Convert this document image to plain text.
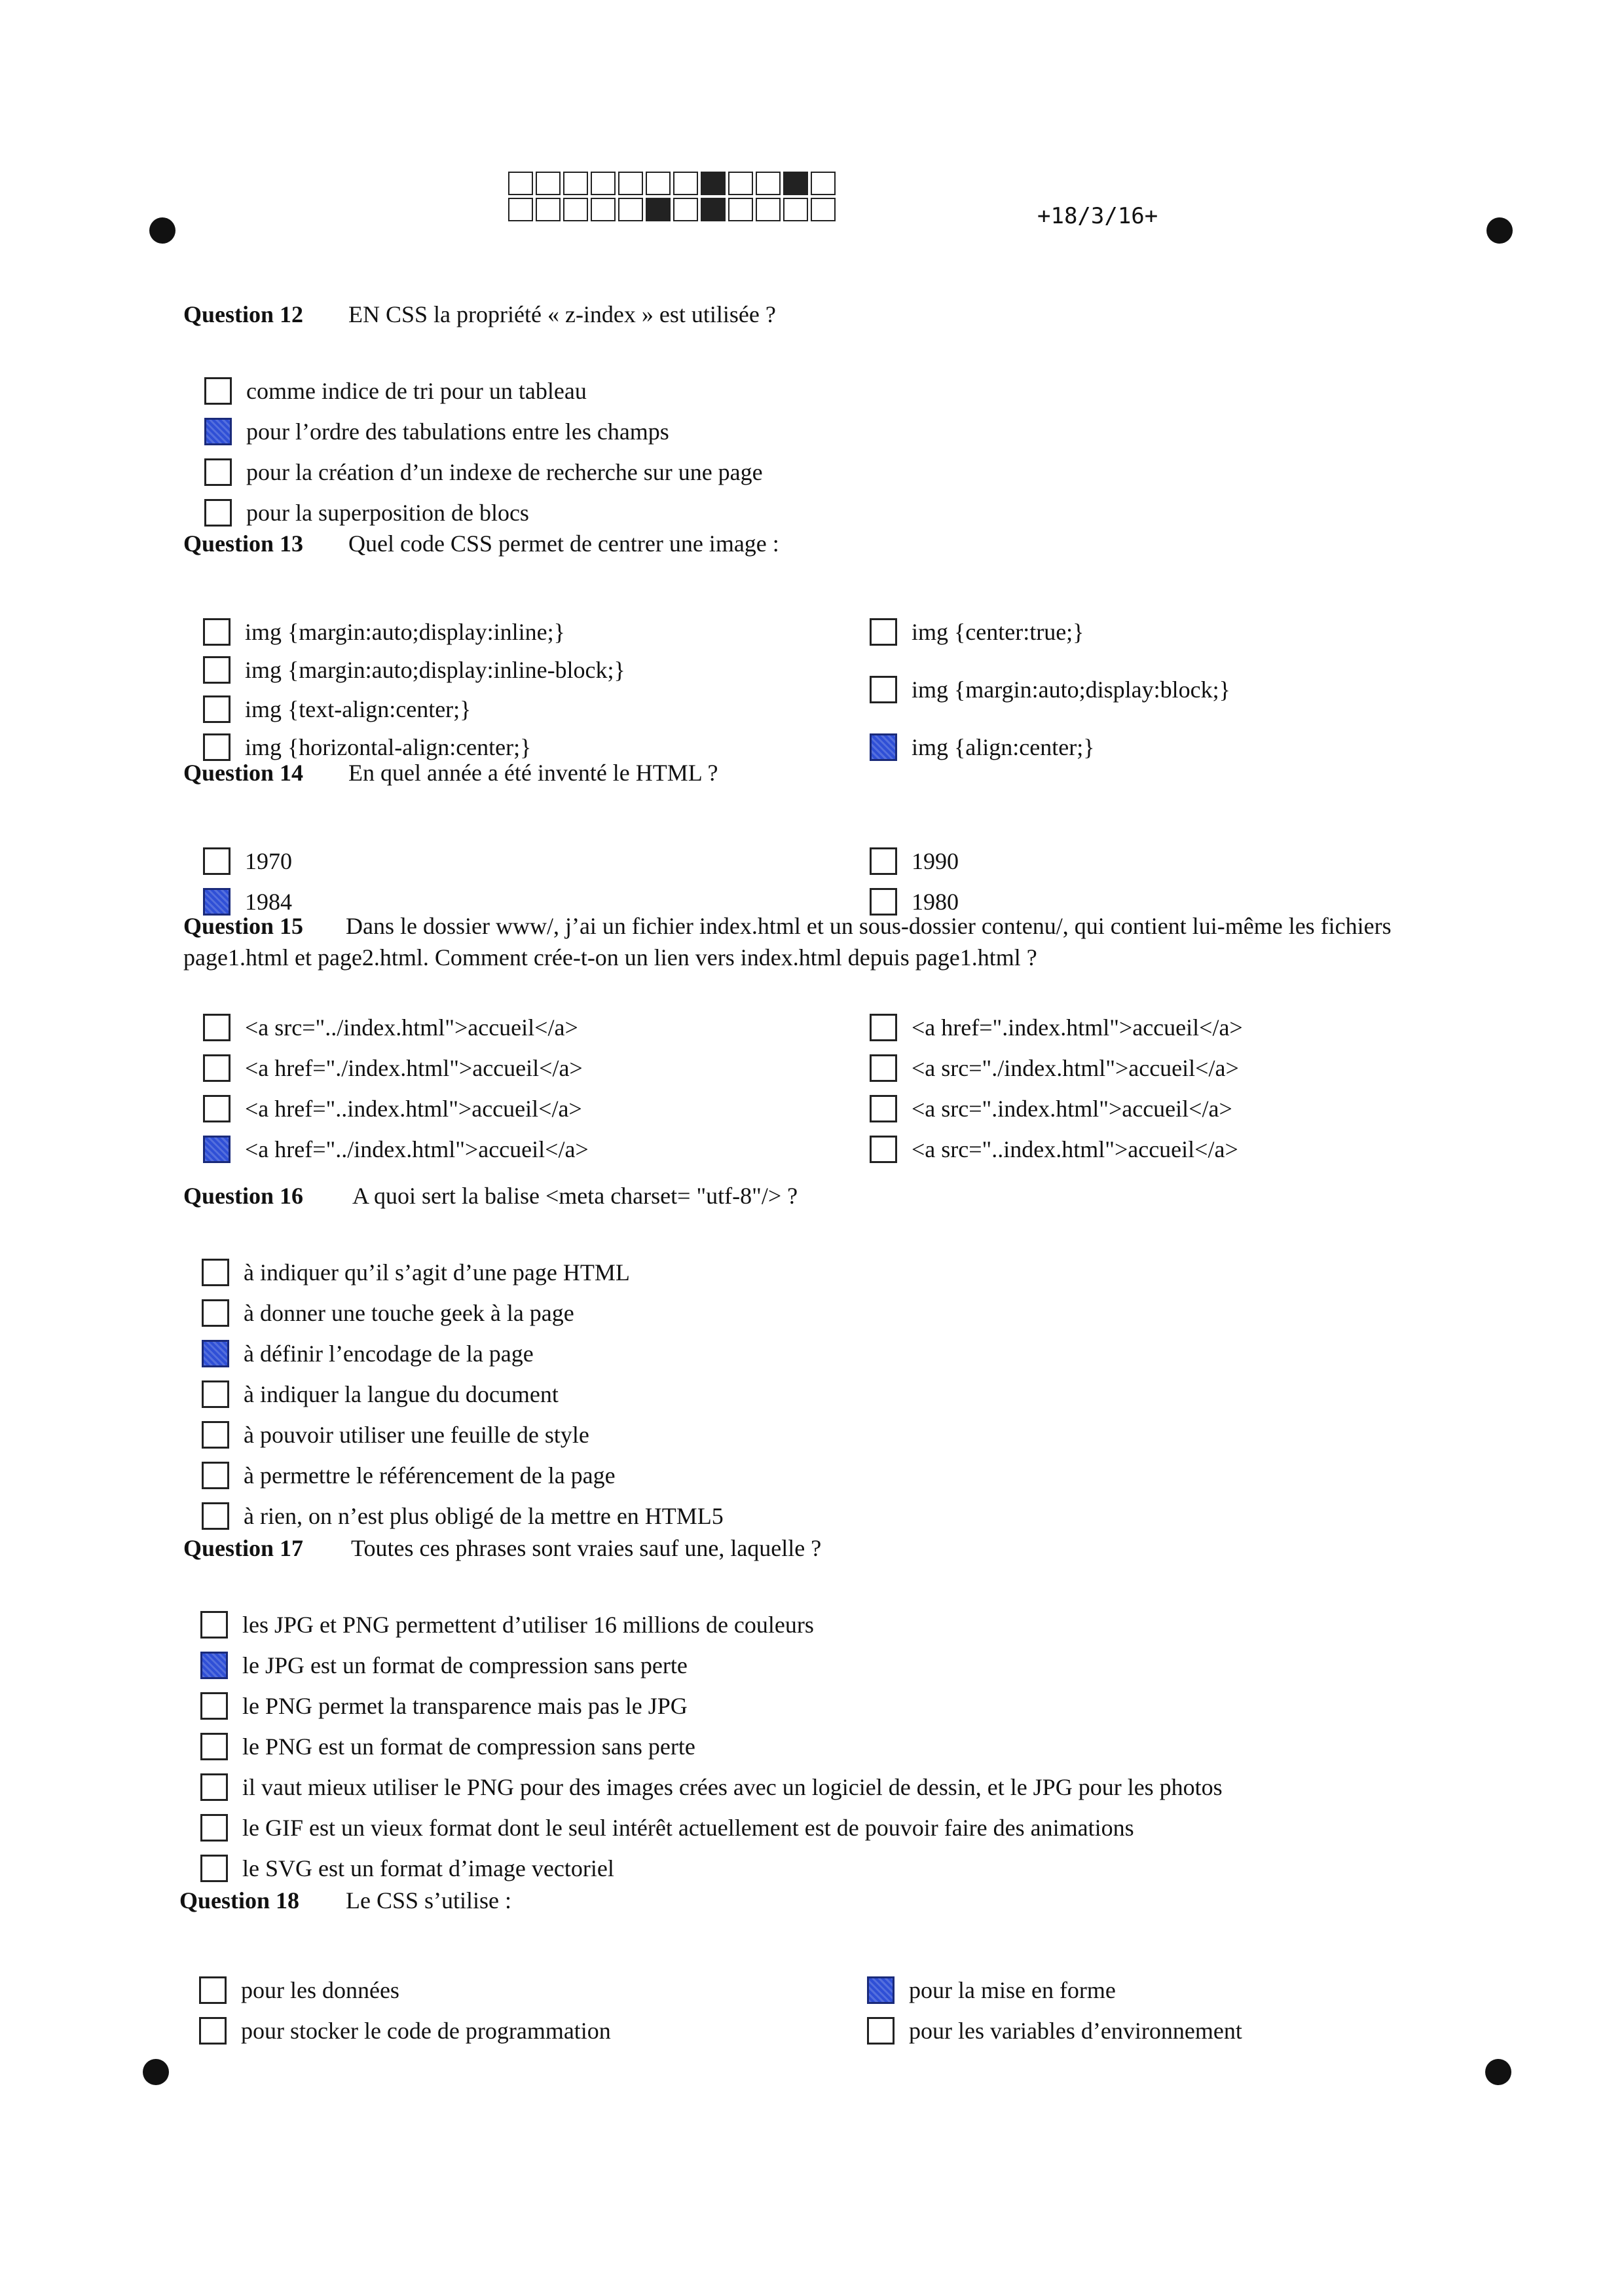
+18/3/16+
Question 12 EN CSS la propriété « z-index » est utilisée ?
comme indice de tri pour un tableau
pour l’ordre des tabulations entre les champs
pour la création d’un indexe de recherche sur une page
pour la superposition de blocs
Question 13 Quel code CSS permet de centrer une image :
img {margin:auto;display:inline;}
img {margin:auto;display:inline-block;}
img {text-align:center;}
img {horizontal-align:center;}
img {center:true;}
img {margin:auto;display:block;}
img {align:center;}
Question 14 En quel année a été inventé le HTML ?
1970
1984
1990
1980
Question 15 Dans le dossier www/, j’ai un fichier index.html et un sous-dossier contenu/, qui contient lui-même les fichiers
page1.html et page2.html. Comment crée-t-on un lien vers index.html depuis page1.html ?
<a src="../index.html">accueil</a>
<a href="./index.html">accueil</a>
<a href="..index.html">accueil</a>
<a href="../index.html">accueil</a>
<a href=".index.html">accueil</a>
<a src="./index.html">accueil</a>
<a src=".index.html">accueil</a>
<a src="..index.html">accueil</a>
Question 16 A quoi sert la balise <meta charset= "utf-8"/> ?
à indiquer qu’il s’agit d’une page HTML
à donner une touche geek à la page
à définir l’encodage de la page
à indiquer la langue du document
à pouvoir utiliser une feuille de style
à permettre le référencement de la page
à rien, on n’est plus obligé de la mettre en HTML5
Question 17 Toutes ces phrases sont vraies sauf une, laquelle ?
les JPG et PNG permettent d’utiliser 16 millions de couleurs
le JPG est un format de compression sans perte
le PNG permet la transparence mais pas le JPG
le PNG est un format de compression sans perte
il vaut mieux utiliser le PNG pour des images crées avec un logiciel de dessin, et le JPG pour les photos
le GIF est un vieux format dont le seul intérêt actuellement est de pouvoir faire des animations
le SVG est un format d’image vectoriel
Question 18 Le CSS s’utilise :
pour les données
pour stocker le code de programmation
pour la mise en forme
pour les variables d’environnement
